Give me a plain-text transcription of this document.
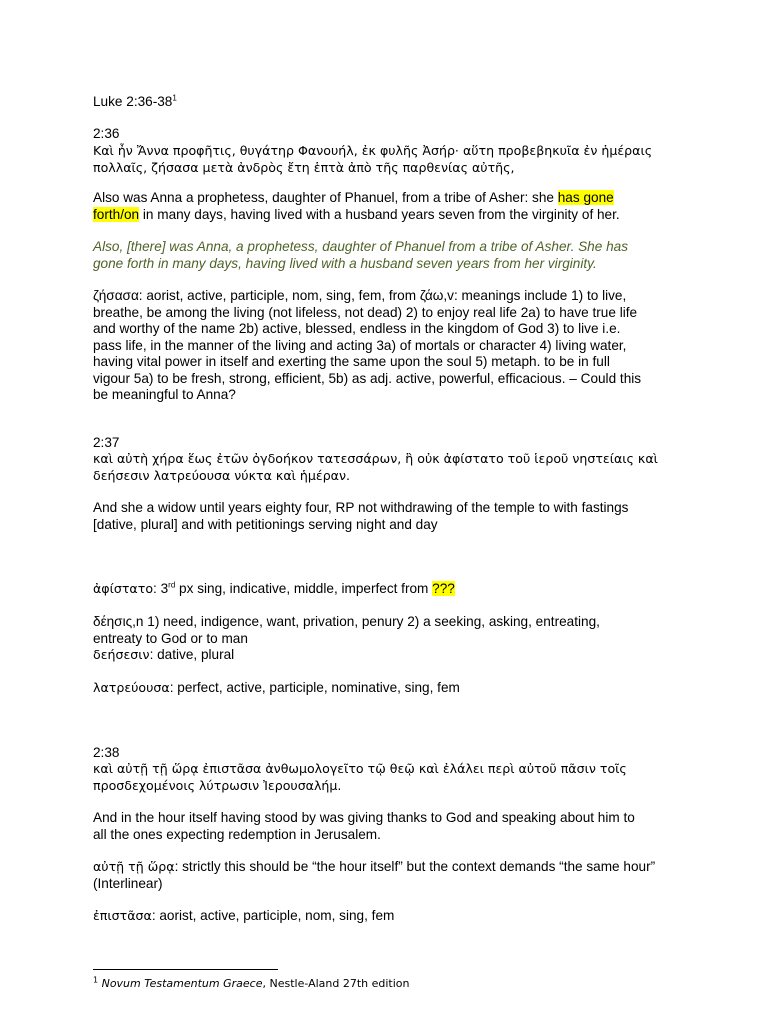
Luke $2:36-38^1$
2:36
Καὶ ἦν Ἄννα προφῆτις, θυγάτηρ Φανουήλ, ἐκ φυλῆς Ἀσήρ· αὕτη προβεβηκυῖα ἐν ἡμέραις
πολλαῖς, ζήσασα μετὰ ἀνδρὸς ἔτη ἑπτὰ ἀπὸ τῆς παρθενίας αὐτῆς,
Also was Anna a prophetess, daughter of Phanuel, from a tribe of Asher: she has gone
forth/on in many days, having lived with a husband years seven from the virginity of her.
Also, [there] was Anna, a prophetess, daughter of Phanuel from a tribe of Asher. She has
gone forth in many days, having lived with a husband seven years from her virginity.
ζήσασα: aorist, active, participle, nom, sing, fem, from ζάω,v: meanings include 1) to live,
breathe, be among the living (not lifeless, not dead) 2) to enjoy real life 2a) to have true life
and worthy of the name 2b) active, blessed, endless in the kingdom of God 3) to live i.e.
pass life, in the manner of the living and acting 3a) of mortals or character 4) living water,
having vital power in itself and exerting the same upon the soul 5) metaph. to be in full
vigour 5a) to be fresh, strong, efficient, 5b) as adj. active, powerful, efficacious. – Could this
be meaningful to Anna?
2:37
καὶ αὐτὴ χήρα ἕως ἐτῶν ὀγδοήκον τατεσσάρων, ἣ οὐκ ἀφίστατο τοῦ ἱεροῦ νηστείαις καὶ
δεήσεσιν λατρεύουσα νύκτα καὶ ἡμέραν.
And she a widow until years eighty four, RP not withdrawing of the temple to with fastings
[dative, plural] and with petitionings serving night and day
ἀφίστατο: 3rd px sing, indicative, middle, imperfect from ???
δέησις,n 1) need, indigence, want, privation, penury 2) a seeking, asking, entreating,
entreaty to God or to man
δεήσεσιν: dative, plural
λατρεύουσα: perfect, active, participle, nominative, sing, fem
2:38
καὶ αὐτῇ τῇ ὥρᾳ ἐπιστᾶσα ἀνθωμολογεῖτο τῷ θεῷ καὶ ἐλάλει περὶ αὐτοῦ πᾶσιν τοῖς
προσδεχομένοις λύτρωσιν Ἰερουσαλήμ.
And in the hour itself having stood by was giving thanks to God and speaking about him to
all the ones expecting redemption in Jerusalem.
αὐτῇ τῇ ὥρᾳ: strictly this should be “the hour itself” but the context demands “the same hour”
(Interlinear)
ἐπιστᾶσα: aorist, active, participle, nom, sing, fem
$^1$ Novum Testamentum Graece, Nestle-Aland 27th edition
